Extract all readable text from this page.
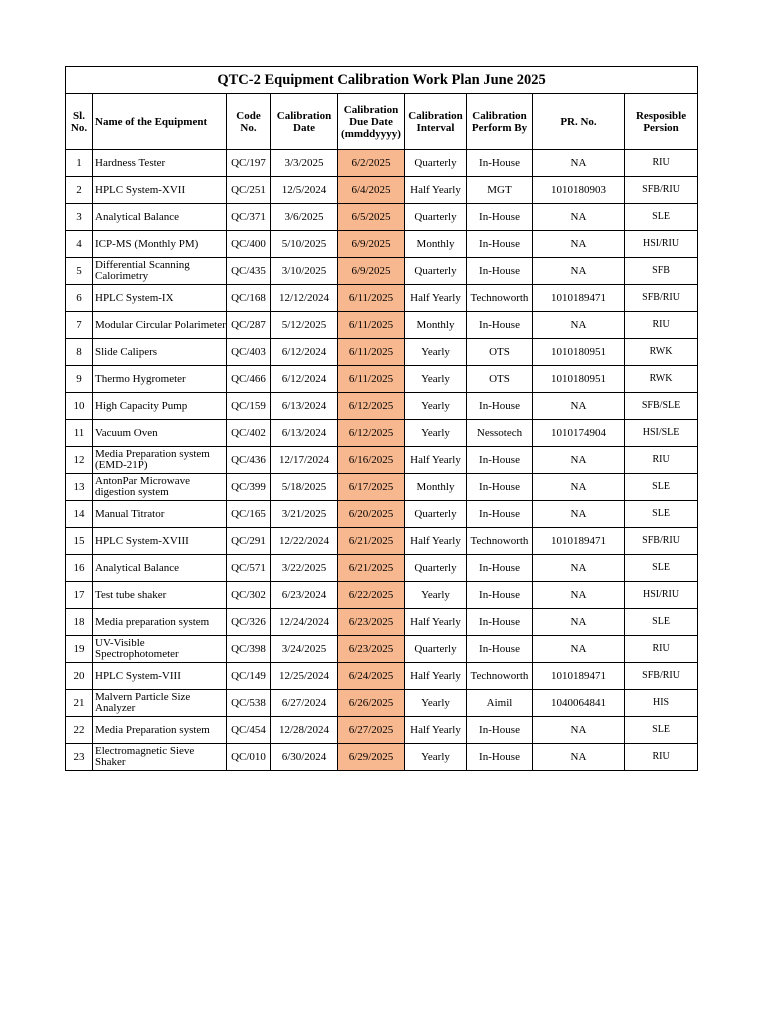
QTC-2 Equipment Calibration Work Plan June 2025								
Sl. No.	Name of the Equipment	Code No.	Calibration Date	Calibration Due Date (mmddyyyy)	Calibration Interval	Calibration Perform By	PR. No.	Resposible Persion
1	Hardness Tester	QC/197	3/3/2025	6/2/2025	Quarterly	In-House	NA	RIU
2	HPLC System-XVII	QC/251	12/5/2024	6/4/2025	Half Yearly	MGT	1010180903	SFB/RIU
3	Analytical Balance	QC/371	3/6/2025	6/5/2025	Quarterly	In-House	NA	SLE
4	ICP-MS (Monthly PM)	QC/400	5/10/2025	6/9/2025	Monthly	In-House	NA	HSI/RIU
5	Differential Scanning Calorimetry	QC/435	3/10/2025	6/9/2025	Quarterly	In-House	NA	SFB
6	HPLC System-IX	QC/168	12/12/2024	6/11/2025	Half Yearly	Technoworth	1010189471	SFB/RIU
7	Modular Circular Polarimeter	QC/287	5/12/2025	6/11/2025	Monthly	In-House	NA	RIU
8	Slide Calipers	QC/403	6/12/2024	6/11/2025	Yearly	OTS	1010180951	RWK
9	Thermo Hygrometer	QC/466	6/12/2024	6/11/2025	Yearly	OTS	1010180951	RWK
10	High Capacity Pump	QC/159	6/13/2024	6/12/2025	Yearly	In-House	NA	SFB/SLE
11	Vacuum Oven	QC/402	6/13/2024	6/12/2025	Yearly	Nessotech	1010174904	HSI/SLE
12	Media Preparation system (EMD-21P)	QC/436	12/17/2024	6/16/2025	Half Yearly	In-House	NA	RIU
13	AntonPar Microwave digestion system	QC/399	5/18/2025	6/17/2025	Monthly	In-House	NA	SLE
14	Manual Titrator	QC/165	3/21/2025	6/20/2025	Quarterly	In-House	NA	SLE
15	HPLC System-XVIII	QC/291	12/22/2024	6/21/2025	Half Yearly	Technoworth	1010189471	SFB/RIU
16	Analytical Balance	QC/571	3/22/2025	6/21/2025	Quarterly	In-House	NA	SLE
17	Test tube shaker	QC/302	6/23/2024	6/22/2025	Yearly	In-House	NA	HSI/RIU
18	Media preparation system	QC/326	12/24/2024	6/23/2025	Half Yearly	In-House	NA	SLE
19	UV-Visible Spectrophotometer	QC/398	3/24/2025	6/23/2025	Quarterly	In-House	NA	RIU
20	HPLC System-VIII	QC/149	12/25/2024	6/24/2025	Half Yearly	Technoworth	1010189471	SFB/RIU
21	Malvern Particle Size Analyzer	QC/538	6/27/2024	6/26/2025	Yearly	Aimil	1040064841	HIS
22	Media Preparation system	QC/454	12/28/2024	6/27/2025	Half Yearly	In-House	NA	SLE
23	Electromagnetic Sieve Shaker	QC/010	6/30/2024	6/29/2025	Yearly	In-House	NA	RIU
